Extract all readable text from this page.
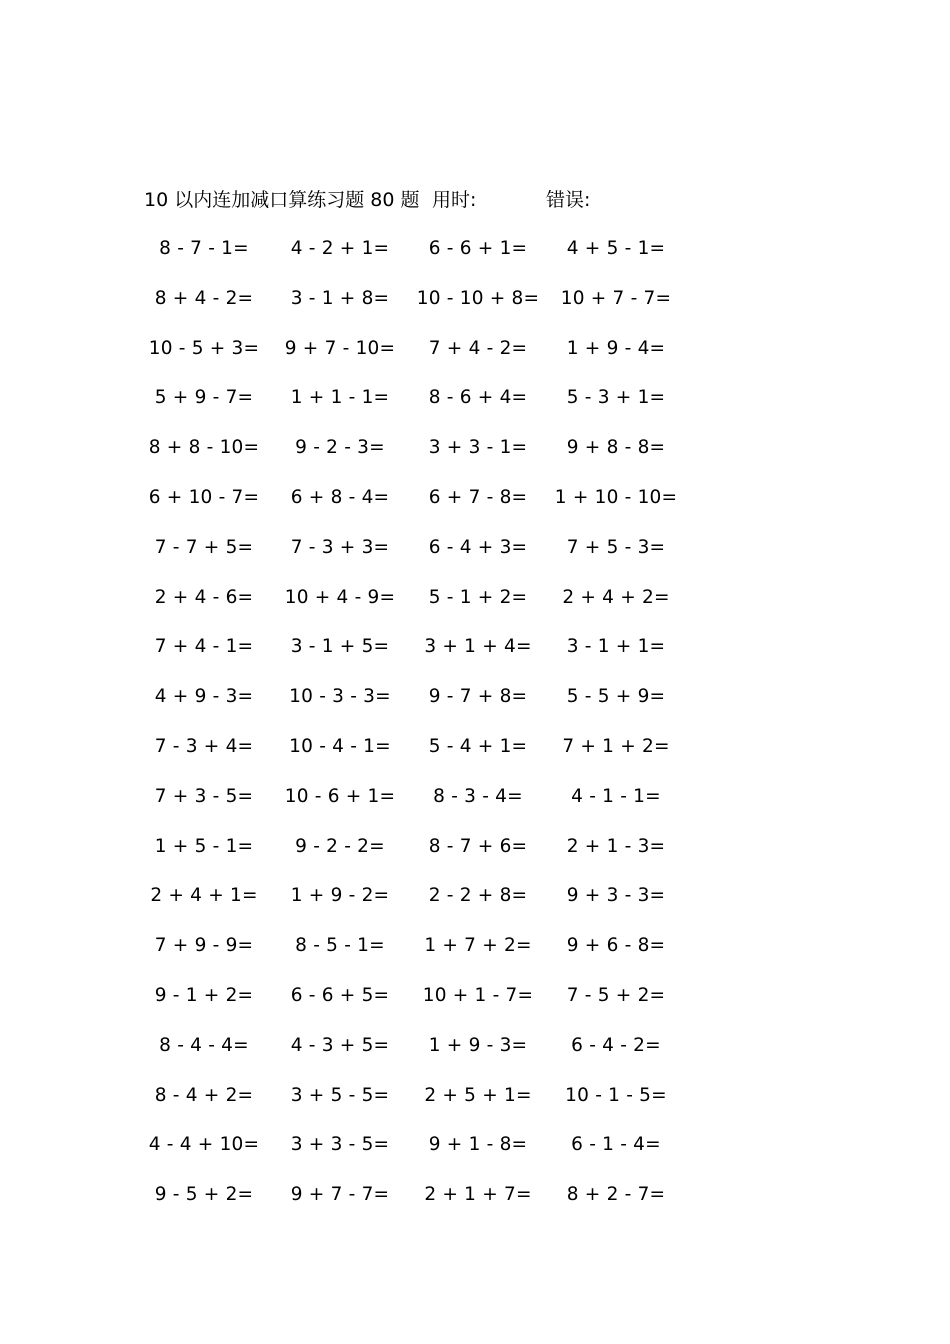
10 以内连加减口算练习题 80 题 用时:	错误:
8 - 7 - 1=	4 - 2 + 1=	6 - 6 + 1=	4 + 5 - 1=
8 + 4 - 2=	3 - 1 + 8=	10 - 10 + 8=	10 + 7 - 7=
10 - 5 + 3=	9 + 7 - 10=	7 + 4 - 2=	1 + 9 - 4=
5 + 9 - 7=	1 + 1 - 1=	8 - 6 + 4=	5 - 3 + 1=
8 + 8 - 10=	9 - 2 - 3=	3 + 3 - 1=	9 + 8 - 8=
6 + 10 - 7=	6 + 8 - 4=	6 + 7 - 8=	1 + 10 - 10=
7 - 7 + 5=	7 - 3 + 3=	6 - 4 + 3=	7 + 5 - 3=
2 + 4 - 6=	10 + 4 - 9=	5 - 1 + 2=	2 + 4 + 2=
7 + 4 - 1=	3 - 1 + 5=	3 + 1 + 4=	3 - 1 + 1=
4 + 9 - 3=	10 - 3 - 3=	9 - 7 + 8=	5 - 5 + 9=
7 - 3 + 4=	10 - 4 - 1=	5 - 4 + 1=	7 + 1 + 2=
7 + 3 - 5=	10 - 6 + 1=	8 - 3 - 4=	4 - 1 - 1=
1 + 5 - 1=	9 - 2 - 2=	8 - 7 + 6=	2 + 1 - 3=
2 + 4 + 1=	1 + 9 - 2=	2 - 2 + 8=	9 + 3 - 3=
7 + 9 - 9=	8 - 5 - 1=	1 + 7 + 2=	9 + 6 - 8=
9 - 1 + 2=	6 - 6 + 5=	10 + 1 - 7=	7 - 5 + 2=
8 - 4 - 4=	4 - 3 + 5=	1 + 9 - 3=	6 - 4 - 2=
8 - 4 + 2=	3 + 5 - 5=	2 + 5 + 1=	10 - 1 - 5=
4 - 4 + 10=	3 + 3 - 5=	9 + 1 - 8=	6 - 1 - 4=
9 - 5 + 2=	9 + 7 - 7=	2 + 1 + 7=	8 + 2 - 7=
